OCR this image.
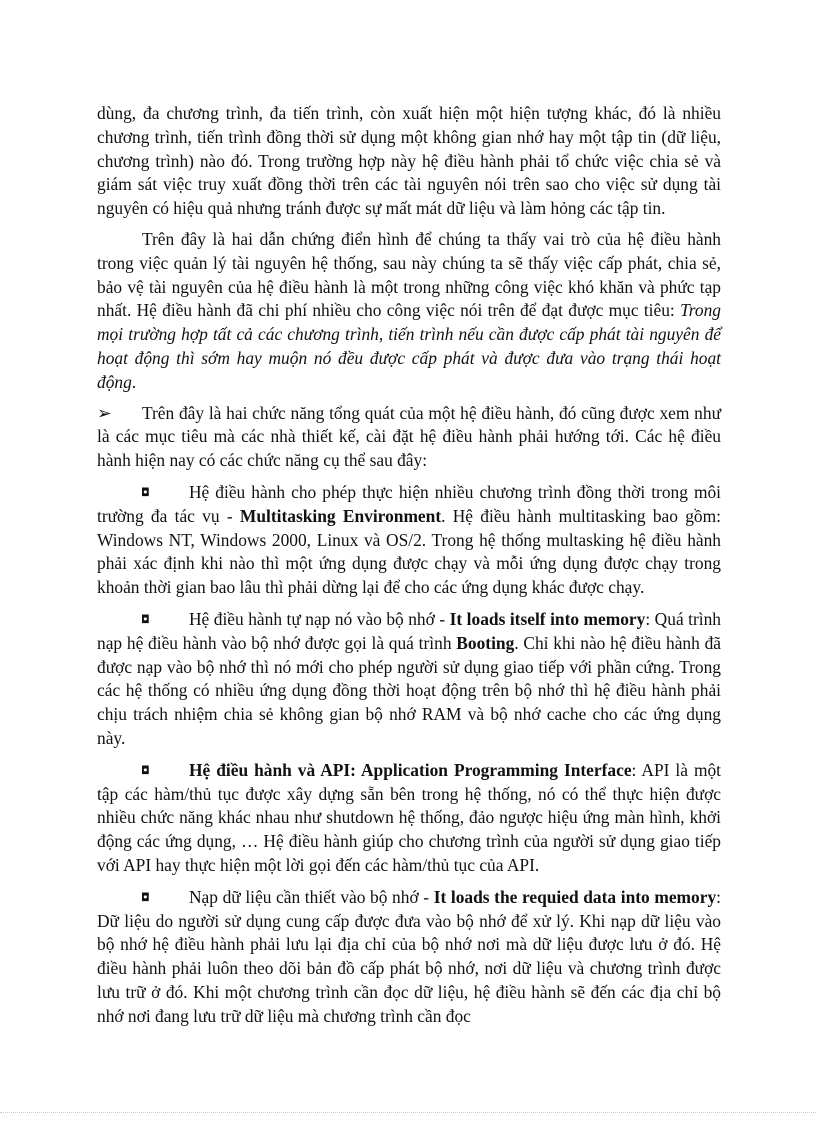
dùng, đa chương trình, đa tiến trình, còn xuất hiện một hiện tượng khác, đó là nhiều chương trình, tiến trình đồng thời sử dụng một không gian nhớ hay một tập tin (dữ liệu, chương trình) nào đó. Trong trường hợp này hệ điều hành phải tổ chức việc chia sẻ và giám sát việc truy xuất đồng thời trên các tài nguyên nói trên sao cho việc sử dụng tài nguyên có hiệu quả nhưng tránh được sự mất mát dữ liệu và làm hỏng các tập tin.

Trên đây là hai dẫn chứng điển hình để chúng ta thấy vai trò của hệ điều hành trong việc quản lý tài nguyên hệ thống, sau này chúng ta sẽ thấy việc cấp phát, chia sẻ, bảo vệ tài nguyên của hệ điều hành là một trong những công việc khó khăn và phức tạp nhất. Hệ điều hành đã chi phí nhiều cho công việc nói trên để đạt được mục tiêu: Trong mọi trường hợp tất cả các chương trình, tiến trình nếu cần được cấp phát tài nguyên để hoạt động thì sớm hay muộn nó đều được cấp phát và được đưa vào trạng thái hoạt động.

➢ Trên đây là hai chức năng tổng quát của một hệ điều hành, đó cũng được xem như là các mục tiêu mà các nhà thiết kế, cài đặt hệ điều hành phải hướng tới. Các hệ điều hành hiện nay có các chức năng cụ thể sau đây:

◘ Hệ điều hành cho phép thực hiện nhiều chương trình đồng thời trong môi trường đa tác vụ - Multitasking Environment. Hệ điều hành multitasking bao gồm: Windows NT, Windows 2000, Linux và OS/2. Trong hệ thống multasking hệ điều hành phải xác định khi nào thì một ứng dụng được chạy và mỗi ứng dụng được chạy trong khoản thời gian bao lâu thì phải dừng lại để cho các ứng dụng khác được chạy.

◘ Hệ điều hành tự nạp nó vào bộ nhớ - It loads itself into memory: Quá trình nạp hệ điều hành vào bộ nhớ được gọi là quá trình Booting. Chỉ khi nào hệ điều hành đã được nạp vào bộ nhớ thì nó mới cho phép người sử dụng giao tiếp với phần cứng. Trong các hệ thống có nhiều ứng dụng đồng thời hoạt động trên bộ nhớ thì hệ điều hành phải chịu trách nhiệm chia sẻ không gian bộ nhớ RAM và bộ nhớ cache cho các ứng dụng này.

◘ Hệ điều hành và API: Application Programming Interface: API là một tập các hàm/thủ tục được xây dựng sẵn bên trong hệ thống, nó có thể thực hiện được nhiều chức năng khác nhau như shutdown hệ thống, đảo ngược hiệu ứng màn hình, khởi động các ứng dụng, … Hệ điều hành giúp cho chương trình của người sử dụng giao tiếp với API hay thực hiện một lời gọi đến các hàm/thủ tục của API.

◘ Nạp dữ liệu cần thiết vào bộ nhớ - It loads the requied data into memory: Dữ liệu do người sử dụng cung cấp được đưa vào bộ nhớ để xử lý. Khi nạp dữ liệu vào bộ nhớ hệ điều hành phải lưu lại địa chỉ của bộ nhớ nơi mà dữ liệu được lưu ở đó. Hệ điều hành phải luôn theo dõi bản đồ cấp phát bộ nhớ, nơi dữ liệu và chương trình được lưu trữ ở đó. Khi một chương trình cần đọc dữ liệu, hệ điều hành sẽ đến các địa chỉ bộ nhớ nơi đang lưu trữ dữ liệu mà chương trình cần đọc
